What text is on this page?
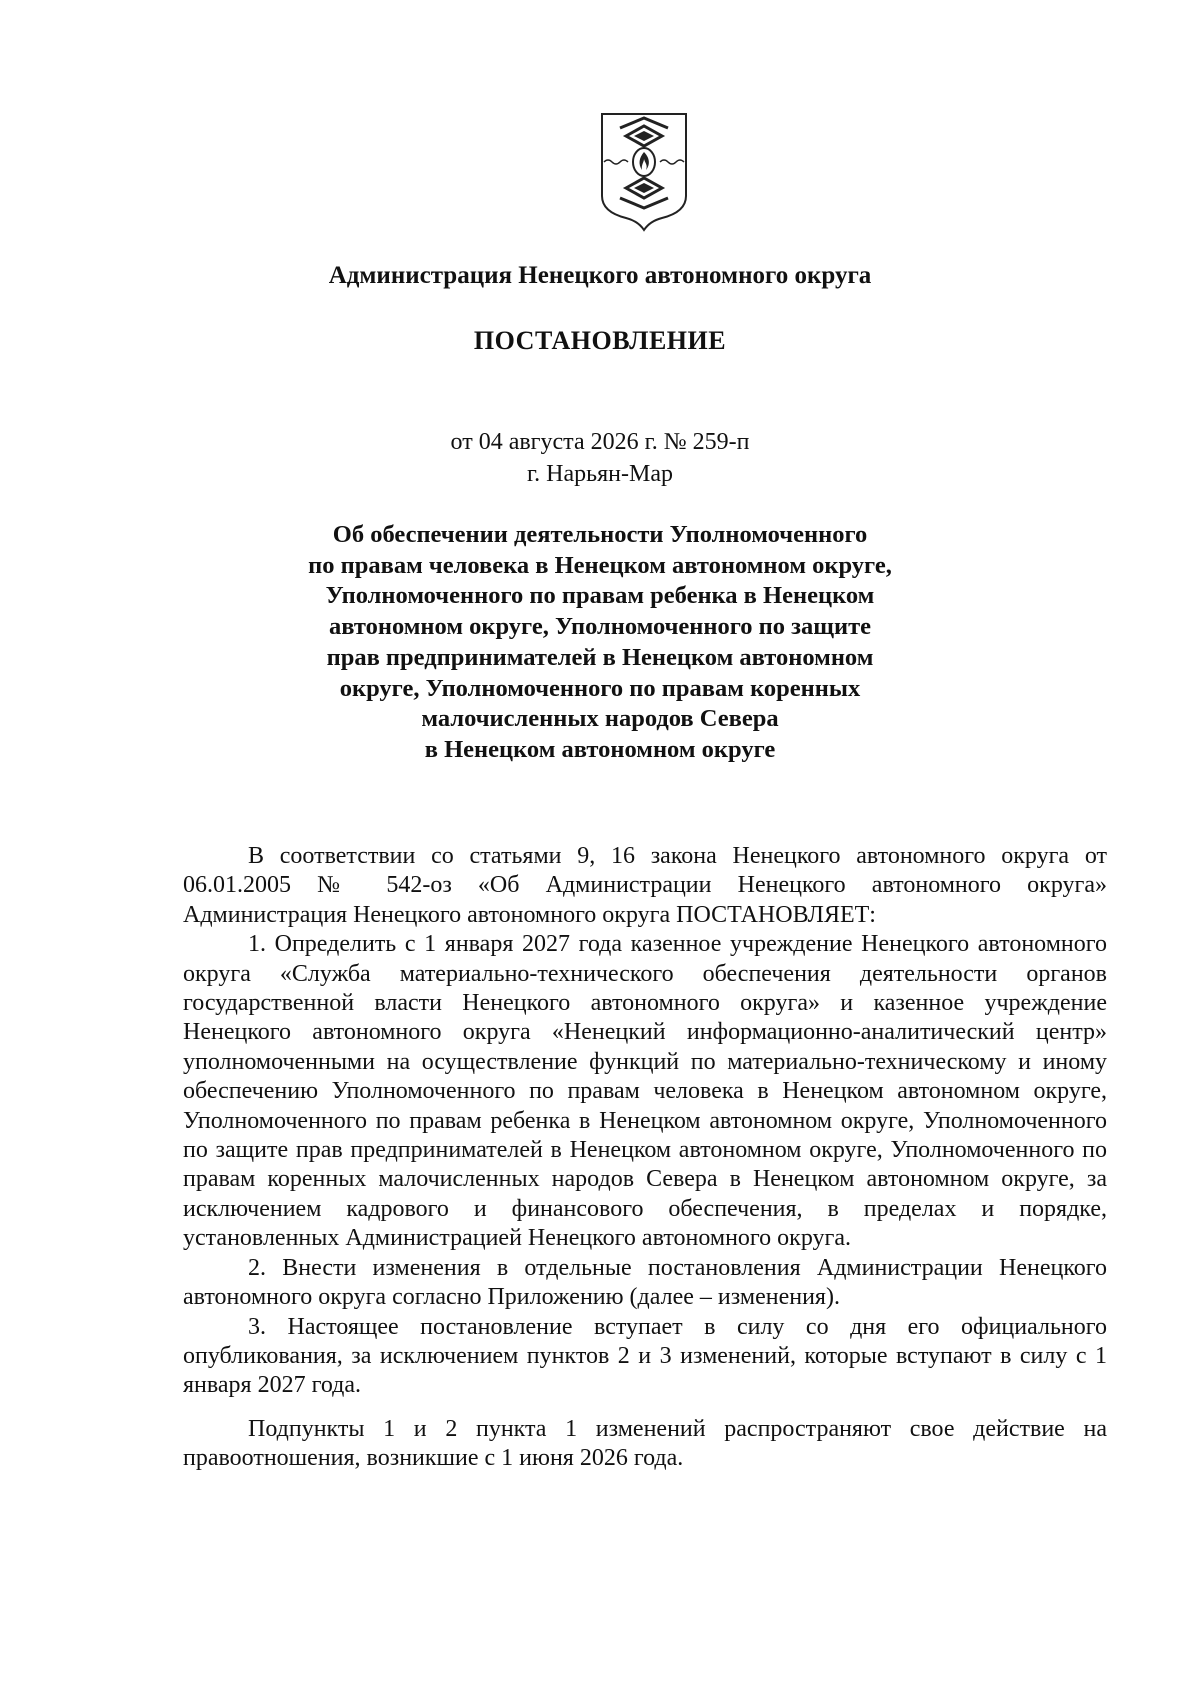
Администрация Ненецкого автономного округа
ПОСТАНОВЛЕНИЕ
от 04 августа 2026 г. № 259-п
г. Нарьян-Мар
Об обеспечении деятельности Уполномоченного
по правам человека в Ненецком автономном округе,
Уполномоченного по правам ребенка в Ненецком
автономном округе, Уполномоченного по защите
прав предпринимателей в Ненецком автономном
округе, Уполномоченного по правам коренных
малочисленных народов Севера
в Ненецком автономном округе

В соответствии со статьями 9, 16 закона Ненецкого автономного округа от 06.01.2005 № 542-оз «Об Администрации Ненецкого автономного округа» Администрация Ненецкого автономного округа ПОСТАНОВЛЯЕТ:

1. Определить с 1 января 2027 года казенное учреждение Ненецкого автономного округа «Служба материально-технического обеспечения деятельности органов государственной власти Ненецкого автономного округа» и казенное учреждение Ненецкого автономного округа «Ненецкий информационно-аналитический центр» уполномоченными на осуществление функций по материально-техническому и иному обеспечению Уполномоченного по правам человека в Ненецком автономном округе, Уполномоченного по правам ребенка в Ненецком автономном округе, Уполномоченного по защите прав предпринимателей в Ненецком автономном округе, Уполномоченного по правам коренных малочисленных народов Севера в Ненецком автономном округе, за исключением кадрового и финансового обеспечения, в пределах и порядке, установленных Администрацией Ненецкого автономного округа.

2. Внести изменения в отдельные постановления Администрации Ненецкого автономного округа согласно Приложению (далее – изменения).

3. Настоящее постановление вступает в силу со дня его официального опубликования, за исключением пунктов 2 и 3 изменений, которые вступают в силу с 1 января 2027 года.

Подпункты 1 и 2 пункта 1 изменений распространяют свое действие на правоотношения, возникшие с 1 июня 2026 года.
